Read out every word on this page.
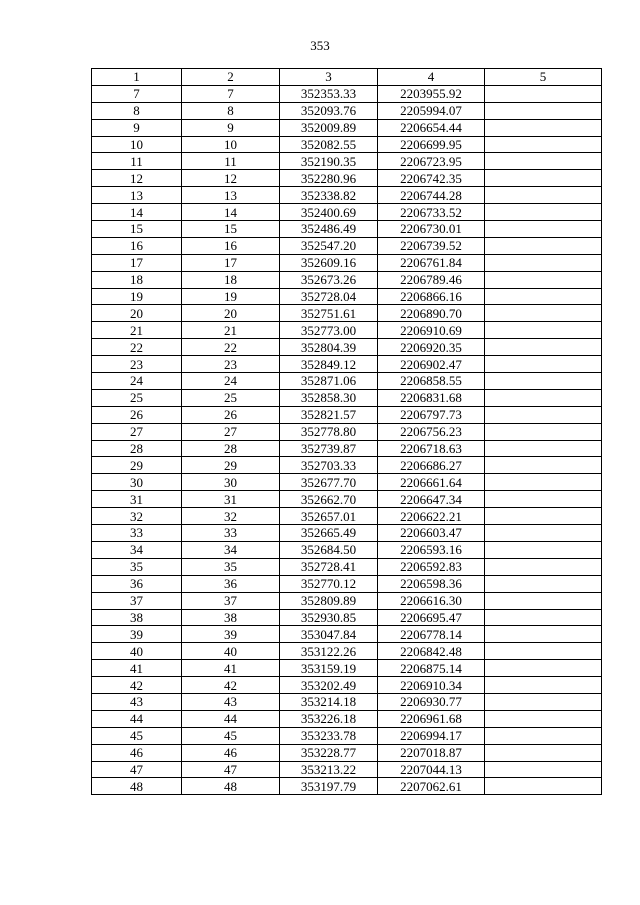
353
1	2	3	4	5
7	7	352353.33	2203955.92	
8	8	352093.76	2205994.07	
9	9	352009.89	2206654.44	
10	10	352082.55	2206699.95	
11	11	352190.35	2206723.95	
12	12	352280.96	2206742.35	
13	13	352338.82	2206744.28	
14	14	352400.69	2206733.52	
15	15	352486.49	2206730.01	
16	16	352547.20	2206739.52	
17	17	352609.16	2206761.84	
18	18	352673.26	2206789.46	
19	19	352728.04	2206866.16	
20	20	352751.61	2206890.70	
21	21	352773.00	2206910.69	
22	22	352804.39	2206920.35	
23	23	352849.12	2206902.47	
24	24	352871.06	2206858.55	
25	25	352858.30	2206831.68	
26	26	352821.57	2206797.73	
27	27	352778.80	2206756.23	
28	28	352739.87	2206718.63	
29	29	352703.33	2206686.27	
30	30	352677.70	2206661.64	
31	31	352662.70	2206647.34	
32	32	352657.01	2206622.21	
33	33	352665.49	2206603.47	
34	34	352684.50	2206593.16	
35	35	352728.41	2206592.83	
36	36	352770.12	2206598.36	
37	37	352809.89	2206616.30	
38	38	352930.85	2206695.47	
39	39	353047.84	2206778.14	
40	40	353122.26	2206842.48	
41	41	353159.19	2206875.14	
42	42	353202.49	2206910.34	
43	43	353214.18	2206930.77	
44	44	353226.18	2206961.68	
45	45	353233.78	2206994.17	
46	46	353228.77	2207018.87	
47	47	353213.22	2207044.13	
48	48	353197.79	2207062.61	
